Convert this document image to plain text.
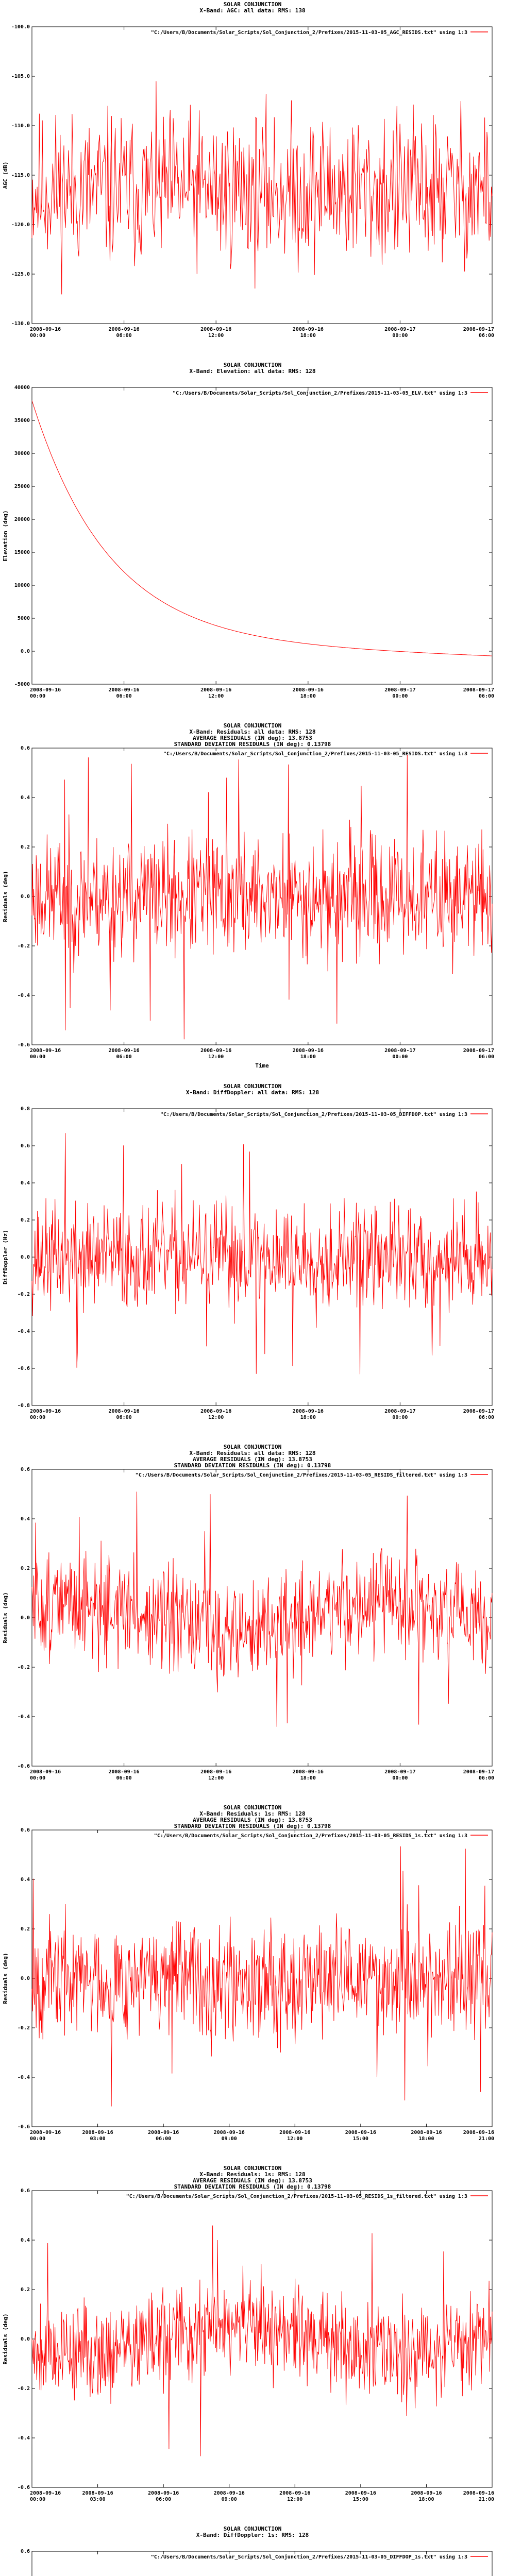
SOLAR CONJUNCTION
X-Band: AGC: all data: RMS: 138
-130.0
-125.0
-120.0
-115.0
-110.0
-105.0
-100.0
2008-09-16
00:00
2008-09-16
06:00
2008-09-16
12:00
2008-09-16
18:00
2008-09-17
00:00
2008-09-17
06:00
AGC (dB)
"C:/Users/B/Documents/Solar_Scripts/Sol_Conjunction_2/Prefixes/2015-11-03-05_AGC_RESIDS.txt" using 1:3
SOLAR CONJUNCTION
X-Band: Elevation: all data: RMS: 128
-5000
0.0
5000
10000
15000
20000
25000
30000
35000
40000
2008-09-16
00:00
2008-09-16
06:00
2008-09-16
12:00
2008-09-16
18:00
2008-09-17
00:00
2008-09-17
06:00
Elevation (deg)
"C:/Users/B/Documents/Solar_Scripts/Sol_Conjunction_2/Prefixes/2015-11-03-05_ELV.txt" using 1:3
SOLAR CONJUNCTION
X-Band: Residuals: all data: RMS: 128
AVERAGE RESIDUALS (IN deg): 13.8753
STANDARD DEVIATION RESIDUALS (IN deg): 0.13798
-0.6
-0.4
-0.2
0.0
0.2
0.4
0.6
2008-09-16
00:00
2008-09-16
06:00
2008-09-16
12:00
2008-09-16
18:00
2008-09-17
00:00
2008-09-17
06:00
Residuals (deg)
Time
"C:/Users/B/Documents/Solar_Scripts/Sol_Conjunction_2/Prefixes/2015-11-03-05_RESIDS.txt" using 1:3
SOLAR CONJUNCTION
X-Band: DiffDoppler: all data: RMS: 128
-0.8
-0.6
-0.4
-0.2
0.0
0.2
0.4
0.6
0.8
2008-09-16
00:00
2008-09-16
06:00
2008-09-16
12:00
2008-09-16
18:00
2008-09-17
00:00
2008-09-17
06:00
DiffDoppler (Hz)
"C:/Users/B/Documents/Solar_Scripts/Sol_Conjunction_2/Prefixes/2015-11-03-05_DIFFDOP.txt" using 1:3
SOLAR CONJUNCTION
X-Band: Residuals: all data: RMS: 128
AVERAGE RESIDUALS (IN deg): 13.8753
STANDARD DEVIATION RESIDUALS (IN deg): 0.13798
-0.6
-0.4
-0.2
0.0
0.2
0.4
0.6
2008-09-16
00:00
2008-09-16
06:00
2008-09-16
12:00
2008-09-16
18:00
2008-09-17
00:00
2008-09-17
06:00
Residuals (deg)
"C:/Users/B/Documents/Solar_Scripts/Sol_Conjunction_2/Prefixes/2015-11-03-05_RESIDS_filtered.txt" using 1:3
SOLAR CONJUNCTION
X-Band: Residuals: 1s: RMS: 128
AVERAGE RESIDUALS (IN deg): 13.8753
STANDARD DEVIATION RESIDUALS (IN deg): 0.13798
-0.6
-0.4
-0.2
0.0
0.2
0.4
0.6
2008-09-16
00:00
2008-09-16
03:00
2008-09-16
06:00
2008-09-16
09:00
2008-09-16
12:00
2008-09-16
15:00
2008-09-16
18:00
2008-09-16
21:00
Residuals (deg)
"C:/Users/B/Documents/Solar_Scripts/Sol_Conjunction_2/Prefixes/2015-11-03-05_RESIDS_1s.txt" using 1:3
SOLAR CONJUNCTION
X-Band: Residuals: 1s: RMS: 128
AVERAGE RESIDUALS (IN deg): 13.8753
STANDARD DEVIATION RESIDUALS (IN deg): 0.13798
-0.6
-0.4
-0.2
0.0
0.2
0.4
0.6
2008-09-16
00:00
2008-09-16
03:00
2008-09-16
06:00
2008-09-16
09:00
2008-09-16
12:00
2008-09-16
15:00
2008-09-16
18:00
2008-09-16
21:00
Residuals (deg)
"C:/Users/B/Documents/Solar_Scripts/Sol_Conjunction_2/Prefixes/2015-11-03-05_RESIDS_1s_filtered.txt" using 1:3
SOLAR CONJUNCTION
X-Band: DiffDoppler: 1s: RMS: 128
0.6
"C:/Users/B/Documents/Solar_Scripts/Sol_Conjunction_2/Prefixes/2015-11-03-05_DIFFDOP_1s.txt" using 1:3
